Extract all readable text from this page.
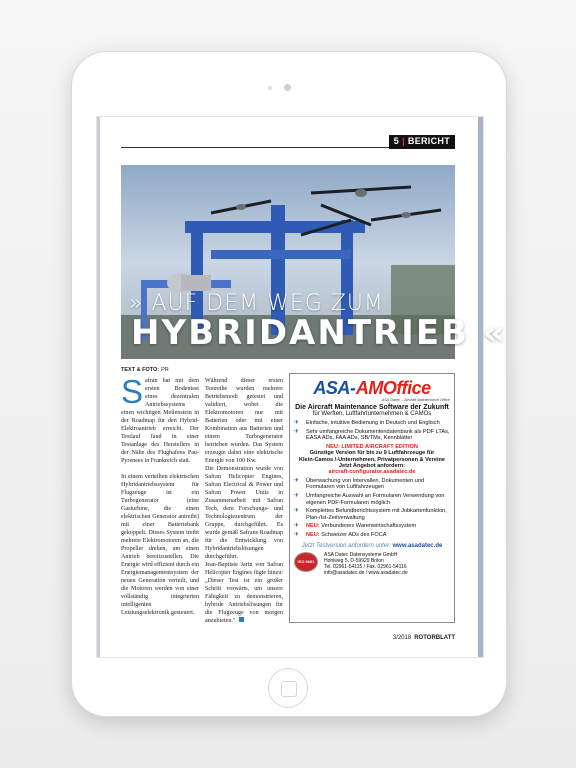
5 | BERICHT
» AUF DEM WEG ZUM
HYBRIDANTRIEB «
TEXT & FOTO: PR

Safran hat mit dem ersten Bodentest eines dezentralen Antriebssystems einen wichtigen Meilenstein in der Roadmap für den Hybrid-Elektroantrieb erreicht. Der Testlauf fand in einer Testanlage des Herstellers in der Nähe des Flughafens Pau-Pyrenees in Frankreich statt.

In einem verteilten elektrischen Hybridantriebssystem für Flugzeuge ist ein Turbogenerator (eine Gasturbine, die einen elektrischen Generator antreibt) mit einer Batteriebank gekoppelt. Dieses System treibt mehrere Elektromotoren an, die Propeller drehen, um einen Antrieb bereitzustellen. Die Energie wird effizient durch ein Energiemanagementsystem der neuen Generation verteilt, und die Motoren werden von einer vollständig integrierten intelligenten Leistungselektronik gesteuert.

Während dieser ersten Testreihe wurden mehrere Betriebsmodi getestet und validiert, wobei die Elektromotoren nur mit Batterien oder mit einer Kombination aus Batterien und einem Turbogenerator betrieben wurden. Das System erzeugte dabei eine elektrische Energie von 100 Kw.

Die Demonstration wurde von Safran Helicopter Engines, Safran Electrical & Power und Safran Power Units in Zusammenarbeit mit Safran Tech, dem Forschungs- und Technologiezentrum der Gruppe, durchgeführt. Es wurde gemäß Safrans Roadmap für die Entwicklung von Hybridantriebslösungen durchgeführt.

Jean-Baptiste Jarin von Safran Helicopter Engines fügte hinzu: „Dieser Test ist ein großer Schritt vorwärts, um unsere Fähigkeit zu demonstrieren, hybride Antriebslösungen für die Flugzeuge von morgen anzubieten."

ASA - AMOffice
ASA Datec – Aircraft Maintenance Office
Die Aircraft Maintenance Software der Zukunft
für Werften, Luftfahrtunternehmen & CAMOs
✈	Einfache, intuitive Bedienung in Deutsch und Englisch
✈	Sehr umfangreiche Dokumentendatenbank als PDF LTAs, EASA ADs, FAA ADs, SB/TMs, Kennblätter
NEU: LIMITED AIRCRAFT EDITION
Günstige Version für bis zu 9 Luftfahrzeuge für
Klein-Camos /-Unternehmen, Privatpersonen & Vereine
Jetzt Angebot anfordern:
aircraft-configurator.asadatec.de
✈	Überwachung von Intervallen, Dokumenten und Formularen von Luftfahrzeugen
✈	Umfangreiche Auswahl an Formularen Verwendung von eigenen PDF-Formularen möglich
✈	Komplettes Befundberichtssystem mit Jobkartenfunktion, Plan-/Ist-Zeitverwaltung
✈	NEU: Verbundenes Warenwirtschaftssystem
✈	NEU: Schweizer ADs des FOCA
Jetzt Testversion anfordern unter: www.asadatec.de
ISO 9001
ASA Datec Datensysteme GmbH
Hohlweg 5, D-59929 Brilon
Tel. 02961-54115 / Fax. 02961-54116
info@asadatec.de / www.asadatec.de
3/2018 ROTORBLATT
